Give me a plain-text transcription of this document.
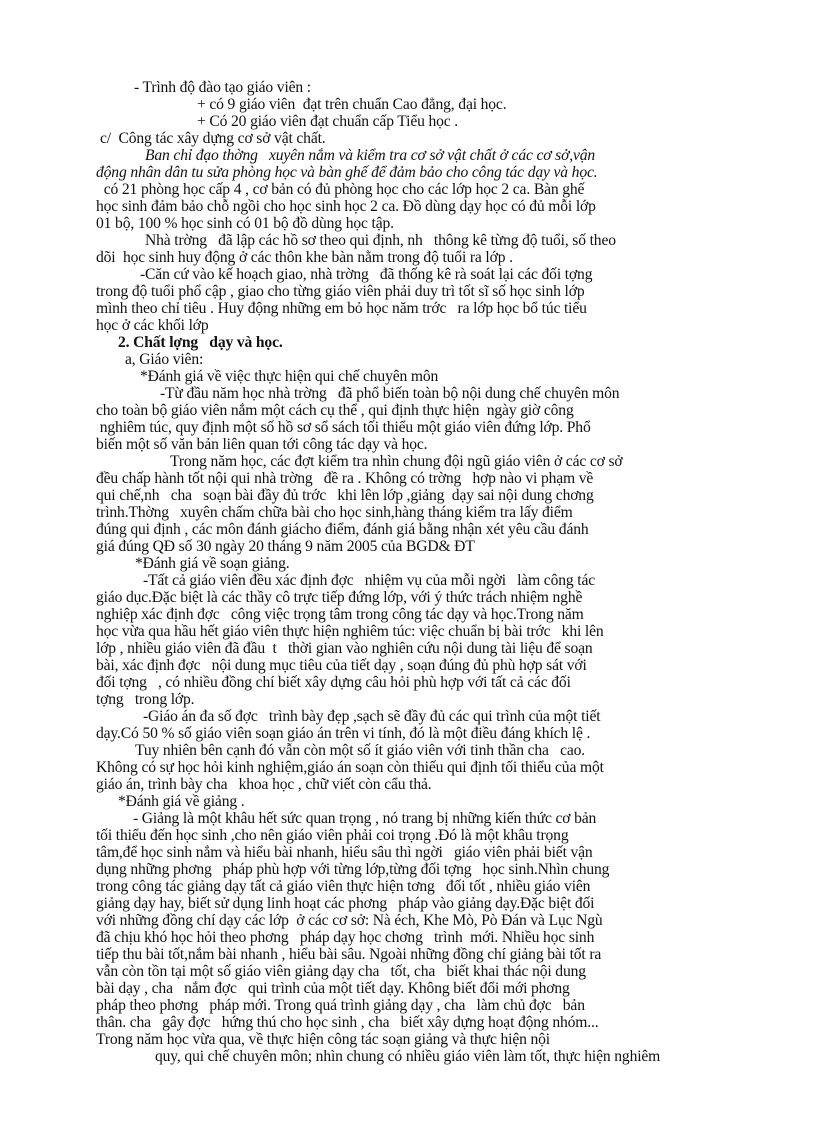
- Trình độ đào tạo giáo viên :
+ có 9 giáo viên  đạt trên chuẩn Cao đẳng, đại học.
+ Có 20 giáo viên đạt chuẩn cấp Tiểu học .
c/  Công tác xây dựng cơ sở vật chất.
Ban chỉ đạo thờng   xuyên nắm và kiểm tra cơ sở vật chất ở các cơ sở,vận
động nhân dân tu sửa phòng học và bàn ghế để đảm bảo cho công tác dạy và học.
có 21 phòng học cấp 4 , cơ bản có đủ phòng học cho các lớp học 2 ca. Bàn ghế
học sinh đảm bảo chỗ ngồi cho học sinh học 2 ca. Đồ dùng dạy học có đủ mỗi lớp
01 bộ, 100 % học sinh có 01 bộ đồ dùng học tập.
Nhà trờng   đã lập các hồ sơ theo qui định, nh   thông kê từng độ tuổi, số theo
dõi  học sinh huy động ở các thôn khe bàn nằm trong độ tuổi ra lớp .
-Căn cứ vào kế hoạch giao, nhà trờng   đã thống kê rà soát lại các đối tợng
trong độ tuổi phổ cập , giao cho từng giáo viên phải duy trì tốt sĩ số học sinh lớp
mình theo chỉ tiêu . Huy động những em bỏ học năm trớc   ra lớp học bổ túc tiểu
học ở các khối lớp
2. Chất lợng   dạy và học.
a, Giáo viên:
*Đánh giá về việc thực hiện qui chế chuyên môn
-Từ đầu năm học nhà trờng   đã phổ biến toàn bộ nội dung chế chuyên môn
cho toàn bộ giáo viên nắm một cách cụ thể , qui định thực hiện  ngày giờ công
nghiêm túc, quy định một số hồ sơ sổ sách tối thiểu một giáo viên đứng lớp. Phổ
biến một số văn bản liên quan tới công tác dạy và học.
Trong năm học, các đợt kiểm tra nhìn chung đội ngũ giáo viên ở các cơ sở
đều chấp hành tốt nội qui nhà trờng   đề ra . Không có trờng   hợp nào vi phạm về
qui chế,nh   cha   soạn bài đầy đủ trớc   khi lên lớp ,giảng  dạy sai nội dung chơng
trình.Thờng   xuyên chấm chữa bài cho học sinh,hàng tháng kiểm tra lấy điểm
đúng qui định , các môn đánh giácho điểm, đánh giá bằng nhận xét yêu cầu đánh
giá đúng QĐ số 30 ngày 20 tháng 9 năm 2005 của BGD& ĐT
*Đánh giá về soạn giảng.
-Tất cả giáo viên đều xác định đợc   nhiệm vụ của mỗi ngời   làm công tác
giáo dục.Đặc biệt là các thầy cô trực tiếp đứng lớp, với ý thức trách nhiệm nghề
nghiệp xác định đợc   công việc trọng tâm trong công tác dạy và học.Trong năm
học vừa qua hầu hết giáo viên thực hiện nghiêm túc: việc chuẩn bị bài trớc   khi lên
lớp , nhiều giáo viên đã đầu  t   thời gian vào nghiên cứu nội dung tài liệu để soạn
bài, xác định đợc   nội dung mục tiêu của tiết dạy , soạn đúng đủ phù hợp sát với
đối tợng   , có nhiều đồng chí biết xây dựng câu hỏi phù hợp với tất cả các đối
tợng   trong lớp.
-Giáo án đa số đợc   trình bày đẹp ,sạch sẽ đầy đủ các qui trình của một tiết
dạy.Có 50 % số giáo viên soạn giáo án trên vi tính, đó là một điều đáng khích lệ .
Tuy nhiên bên cạnh đó vẫn còn một số ít giáo viên với tinh thần cha   cao.
Không có sự học hỏi kinh nghiệm,giáo án soạn còn thiếu qui định tối thiểu của một
giáo án, trình bày cha   khoa học , chữ viết còn cẩu thả.
*Đánh giá về giảng .
- Giảng là một khâu hết sức quan trọng , nó trang bị những kiến thức cơ bản
tối thiểu đến học sinh ,cho nên giáo viên phải coi trọng .Đó là một khâu trọng
tâm,để học sinh nắm và hiểu bài nhanh, hiểu sâu thì ngời   giáo viên phải biết vận
dụng những phơng   pháp phù hợp với từng lớp,từng đối tợng   học sinh.Nhìn chung
trong công tác giảng dạy tất cả giáo viên thực hiện tơng   đối tốt , nhiều giáo viên
giảng dạy hay, biết sử dụng linh hoạt các phơng   pháp vào giảng dạy.Đặc biệt đối
với những đồng chí dạy các lớp  ở các cơ sở: Nà éch, Khe Mò, Pò Đán và Lục Ngù
đã chịu khó học hỏi theo phơng   pháp dạy học chơng   trình  mới. Nhiều học sinh
tiếp thu bài tốt,nắm bài nhanh , hiểu bài sâu. Ngoài những đồng chí giảng bài tốt ra
vẫn còn tồn tại một số giáo viên giảng dạy cha   tốt, cha   biết khai thác nội dung
bài dạy , cha   nắm đợc   qui trình của một tiết dạy. Không biết đổi mới phơng
pháp theo phơng   pháp mới. Trong quá trình giảng dạy , cha   làm chủ đợc   bản
thân. cha   gây đợc   hứng thú cho học sinh , cha   biết xây dựng hoạt động nhóm...
Trong năm học vừa qua, về thực hiện công tác soạn giảng và thực hiện nội
quy, qui chế chuyên môn; nhìn chung có nhiều giáo viên làm tốt, thực hiện nghiêm
